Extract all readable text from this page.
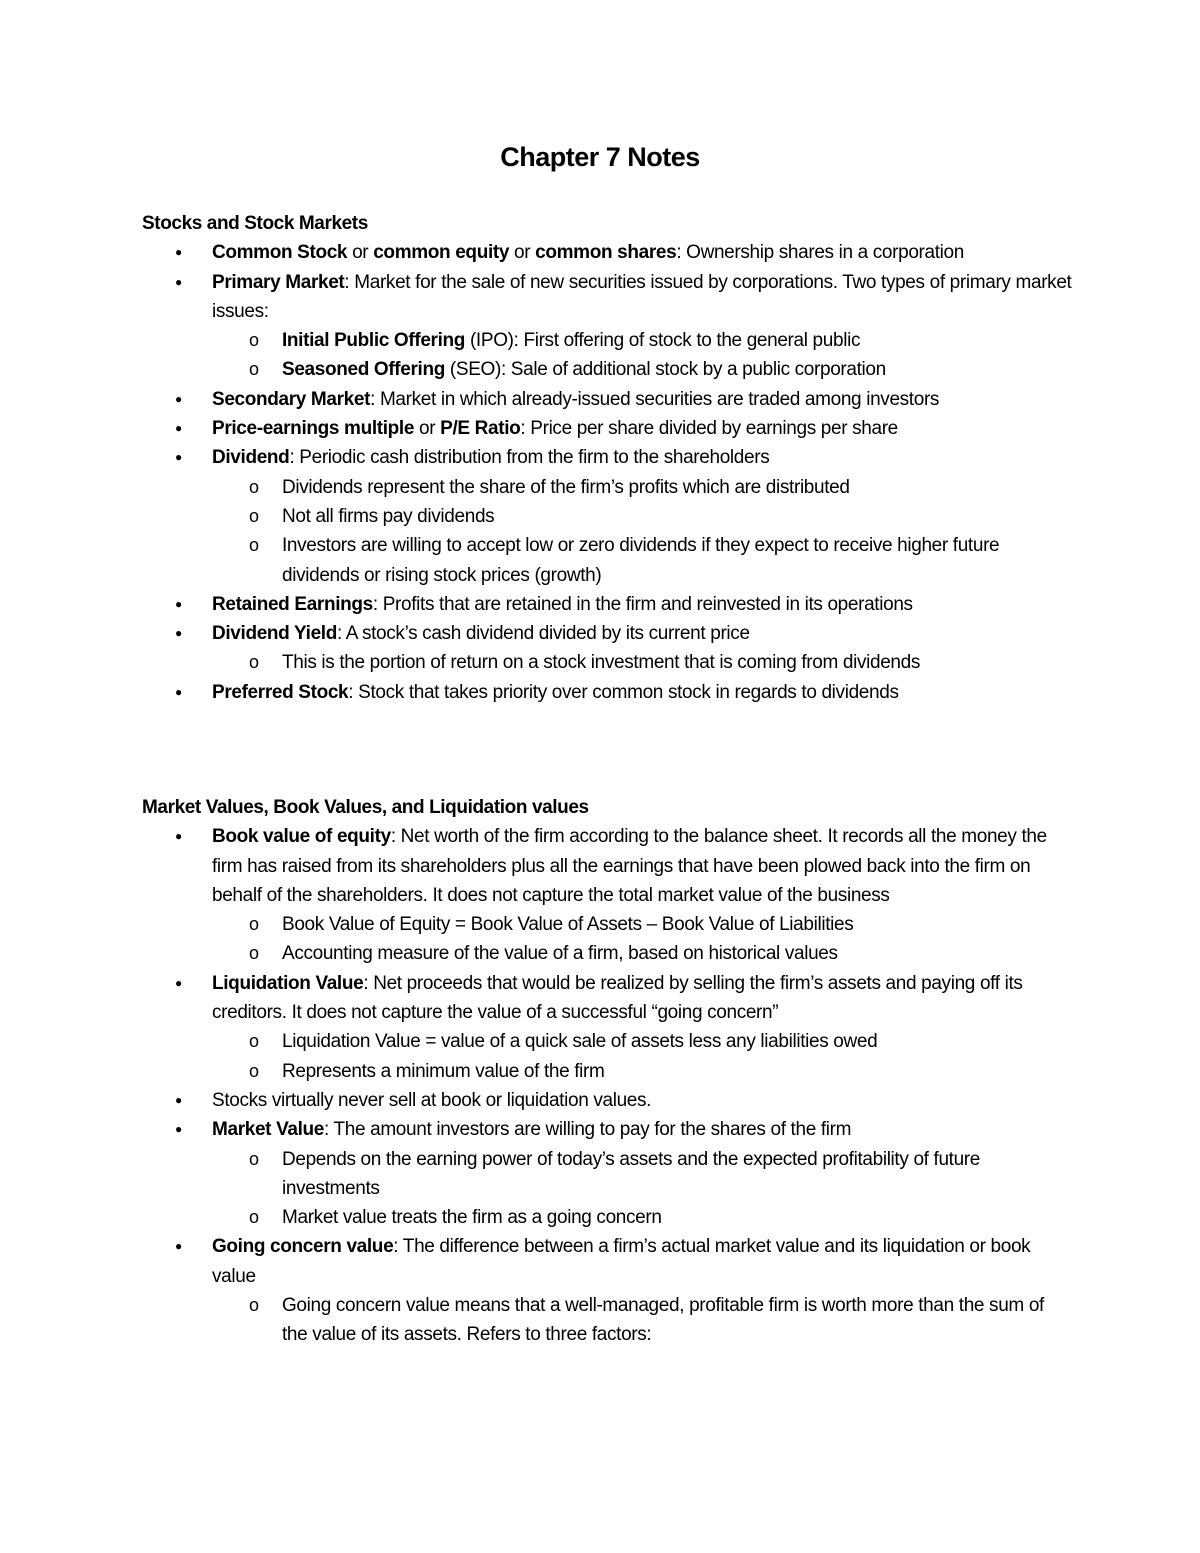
Chapter 7 Notes
Stocks and Stock Markets
● Common Stock or common equity or common shares: Ownership shares in a corporation
● Primary Market: Market for the sale of new securities issued by corporations. Two types of primary market issues:
o Initial Public Offering (IPO): First offering of stock to the general public
o Seasoned Offering (SEO): Sale of additional stock by a public corporation
● Secondary Market: Market in which already-issued securities are traded among investors
● Price-earnings multiple or P/E Ratio: Price per share divided by earnings per share
● Dividend: Periodic cash distribution from the firm to the shareholders
o Dividends represent the share of the firm’s profits which are distributed
o Not all firms pay dividends
o Investors are willing to accept low or zero dividends if they expect to receive higher future dividends or rising stock prices (growth)
● Retained Earnings: Profits that are retained in the firm and reinvested in its operations
● Dividend Yield: A stock’s cash dividend divided by its current price
o This is the portion of return on a stock investment that is coming from dividends
● Preferred Stock: Stock that takes priority over common stock in regards to dividends
Market Values, Book Values, and Liquidation values
● Book value of equity: Net worth of the firm according to the balance sheet. It records all the money the firm has raised from its shareholders plus all the earnings that have been plowed back into the firm on behalf of the shareholders. It does not capture the total market value of the business
o Book Value of Equity = Book Value of Assets – Book Value of Liabilities
o Accounting measure of the value of a firm, based on historical values
● Liquidation Value: Net proceeds that would be realized by selling the firm’s assets and paying off its creditors. It does not capture the value of a successful “going concern”
o Liquidation Value = value of a quick sale of assets less any liabilities owed
o Represents a minimum value of the firm
● Stocks virtually never sell at book or liquidation values.
● Market Value: The amount investors are willing to pay for the shares of the firm
o Depends on the earning power of today’s assets and the expected profitability of future investments
o Market value treats the firm as a going concern
● Going concern value: The difference between a firm’s actual market value and its liquidation or book value
o Going concern value means that a well-managed, profitable firm is worth more than the sum of the value of its assets. Refers to three factors:
